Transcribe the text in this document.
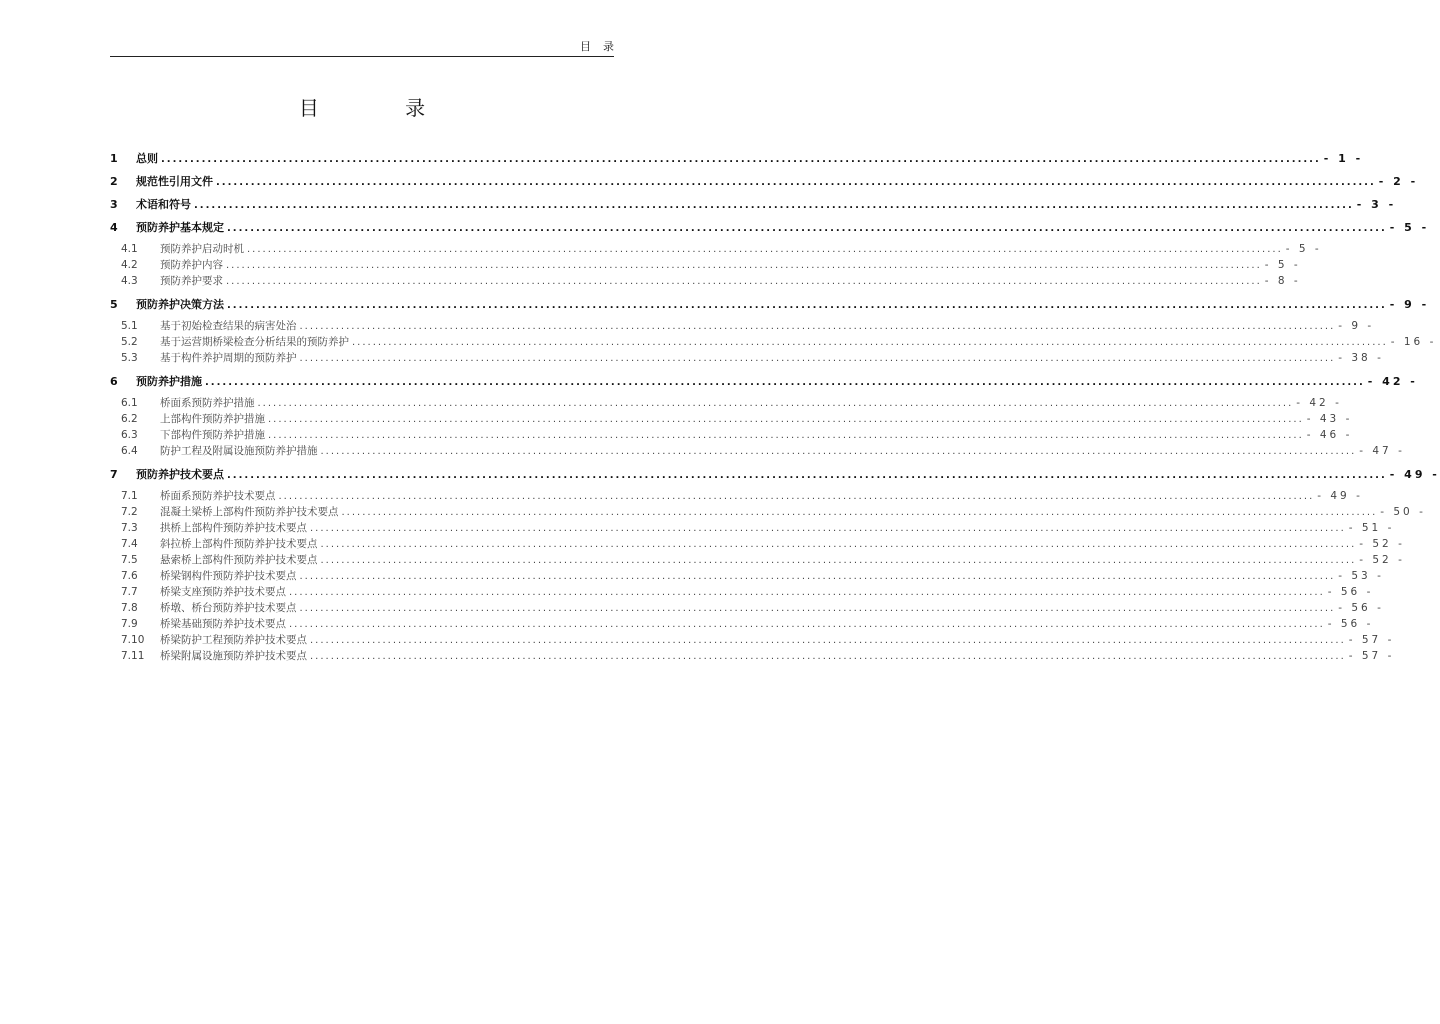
目录
目 录
1	总则 ........................................................................................................................................................................................................ - 1 -
2	规范性引用文件 ........................................................................................................................................................................................................ - 2 -
3	术语和符号 ........................................................................................................................................................................................................ - 3 -
4	预防养护基本规定 ........................................................................................................................................................................................................ - 5 -
4.1	预防养护启动时机 ........................................................................................................................................................................................................ - 5 -
4.2	预防养护内容 ........................................................................................................................................................................................................ - 5 -
4.3	预防养护要求 ........................................................................................................................................................................................................ - 8 -
5	预防养护决策方法 ........................................................................................................................................................................................................ - 9 -
5.1	基于初始检查结果的病害处治 ........................................................................................................................................................................................................ - 9 -
5.2	基于运营期桥梁检查分析结果的预防养护 ........................................................................................................................................................................................................ - 16 -
5.3	基于构件养护周期的预防养护 ........................................................................................................................................................................................................ - 38 -
6	预防养护措施 ........................................................................................................................................................................................................ - 42 -
6.1	桥面系预防养护措施 ........................................................................................................................................................................................................ - 42 -
6.2	上部构件预防养护措施 ........................................................................................................................................................................................................ - 43 -
6.3	下部构件预防养护措施 ........................................................................................................................................................................................................ - 46 -
6.4	防护工程及附属设施预防养护措施 ........................................................................................................................................................................................................ - 47 -
7	预防养护技术要点 ........................................................................................................................................................................................................ - 49 -
7.1	桥面系预防养护技术要点 ........................................................................................................................................................................................................ - 49 -
7.2	混凝土梁桥上部构件预防养护技术要点 ........................................................................................................................................................................................................ - 50 -
7.3	拱桥上部构件预防养护技术要点 ........................................................................................................................................................................................................ - 51 -
7.4	斜拉桥上部构件预防养护技术要点 ........................................................................................................................................................................................................ - 52 -
7.5	悬索桥上部构件预防养护技术要点 ........................................................................................................................................................................................................ - 52 -
7.6	桥梁钢构件预防养护技术要点 ........................................................................................................................................................................................................ - 53 -
7.7	桥梁支座预防养护技术要点 ........................................................................................................................................................................................................ - 56 -
7.8	桥墩、桥台预防养护技术要点 ........................................................................................................................................................................................................ - 56 -
7.9	桥梁基础预防养护技术要点 ........................................................................................................................................................................................................ - 56 -
7.10	桥梁防护工程预防养护技术要点 ........................................................................................................................................................................................................ - 57 -
7.11	桥梁附属设施预防养护技术要点 ........................................................................................................................................................................................................ - 57 -
